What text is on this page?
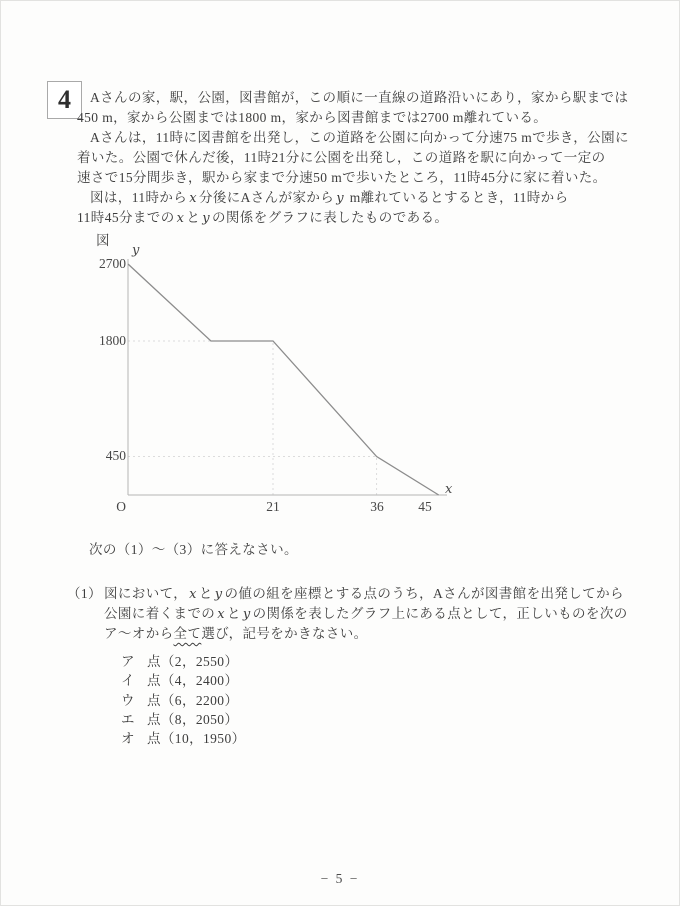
4	Aさんの家，駅，公園，図書館が，この順に一直線の道路沿いにあり，家から駅までは
450 m，家から公園までは1800 m，家から図書館までは2700 m離れている。
Aさんは，11時に図書館を出発し，この道路を公園に向かって分速75 mで歩き，公園に
着いた。公園で休んだ後，11時21分に公園を出発し，この道路を駅に向かって一定の
速さで15分間歩き，駅から家まで分速50 mで歩いたところ，11時45分に家に着いた。
図は，11時から x 分後にAさんが家から y m離れているとするとき，11時から
11時45分までの x と y の関係をグラフに表したものである。
図
y
x
2700
1800
450
O	21	36	45
次の（1）～（3）に答えなさい。
（1） 図において， x と y の値の組を座標とする点のうち，Aさんが図書館を出発してから
公園に着くまでの x と y の関係を表したグラフ上にある点として，正しいものを次の
ア～オから全て選び，記号をかきなさい。
ア 点（2，2550）
イ 点（4，2400）
ウ 点（6，2200）
エ 点（8，2050）
オ 点（10，1950）
− 5 −
